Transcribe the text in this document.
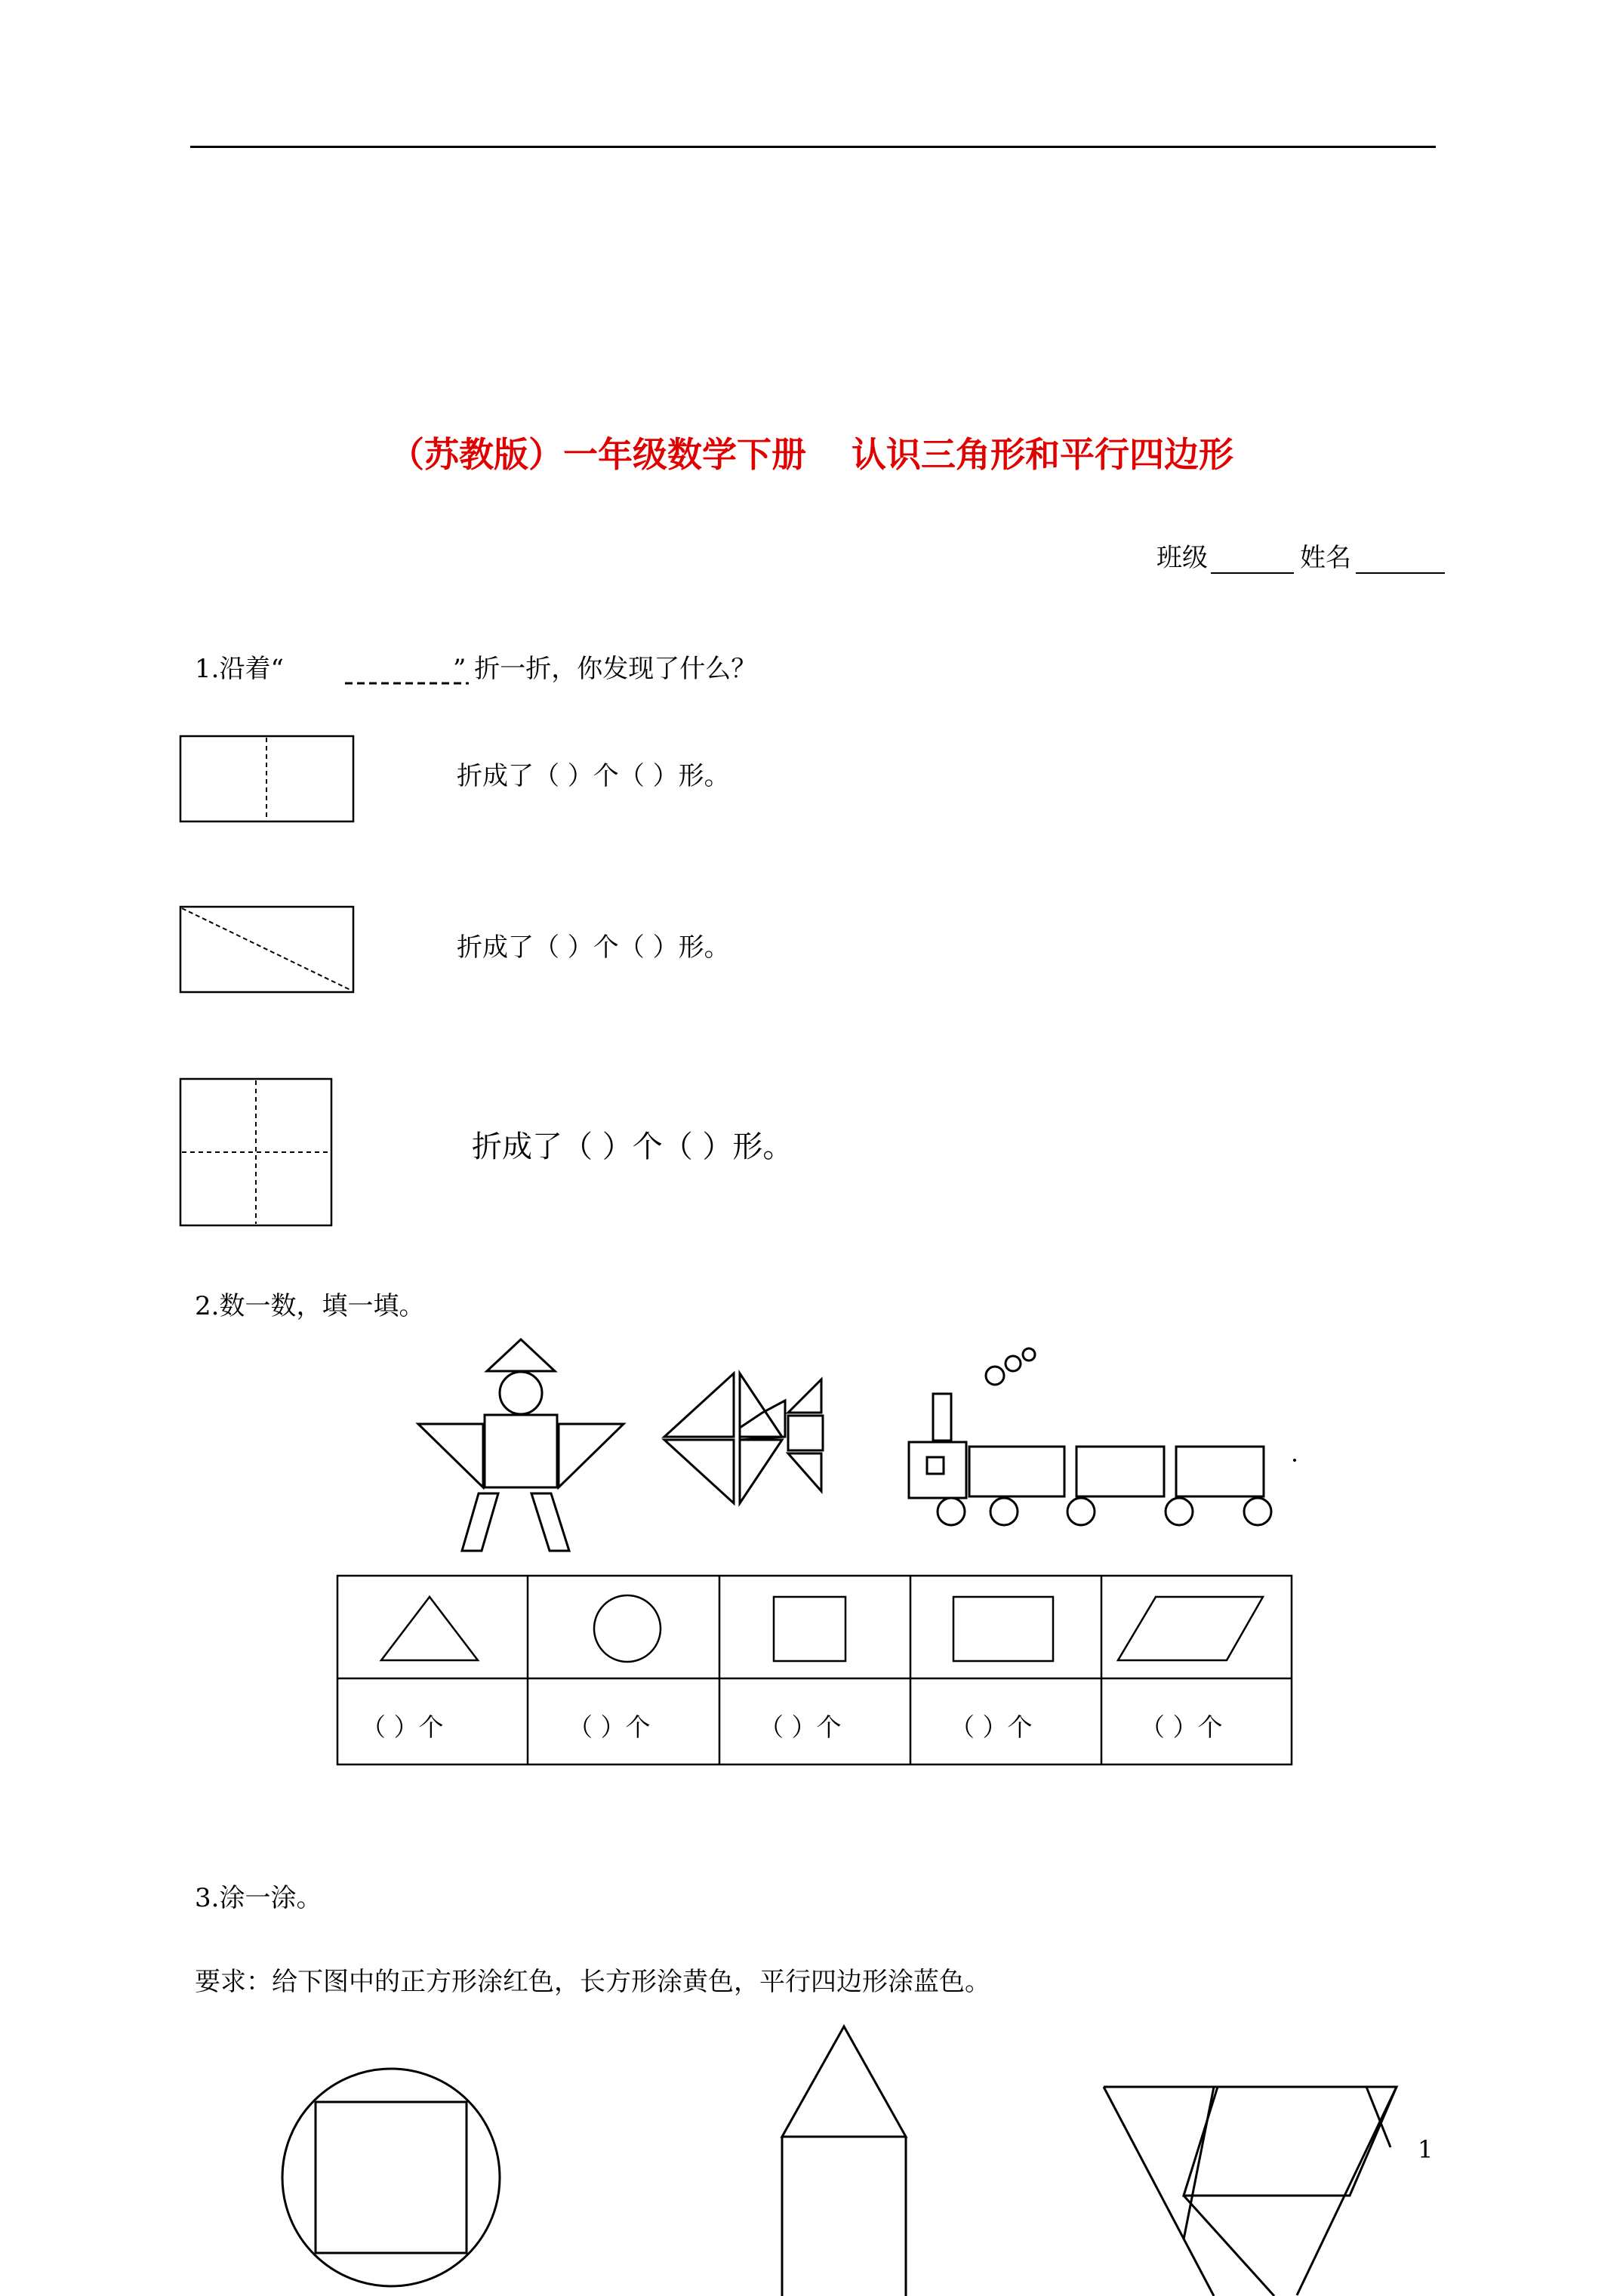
（苏教版）一年级数学下册 认识三角形和平行四边形
班级	姓名
1.沿着“	” 折一折，你发现了什么？
折成了（ ）个（ ）形。
折成了（ ）个（ ）形。
折成了（ ）个（ ）形。
2.数一数，填一填。
（ ）个	（ ）个	（ ）个	（ ）个	（ ）个
3.涂一涂。
要求：给下图中的正方形涂红色，长方形涂黄色，平行四边形涂蓝色。
1
